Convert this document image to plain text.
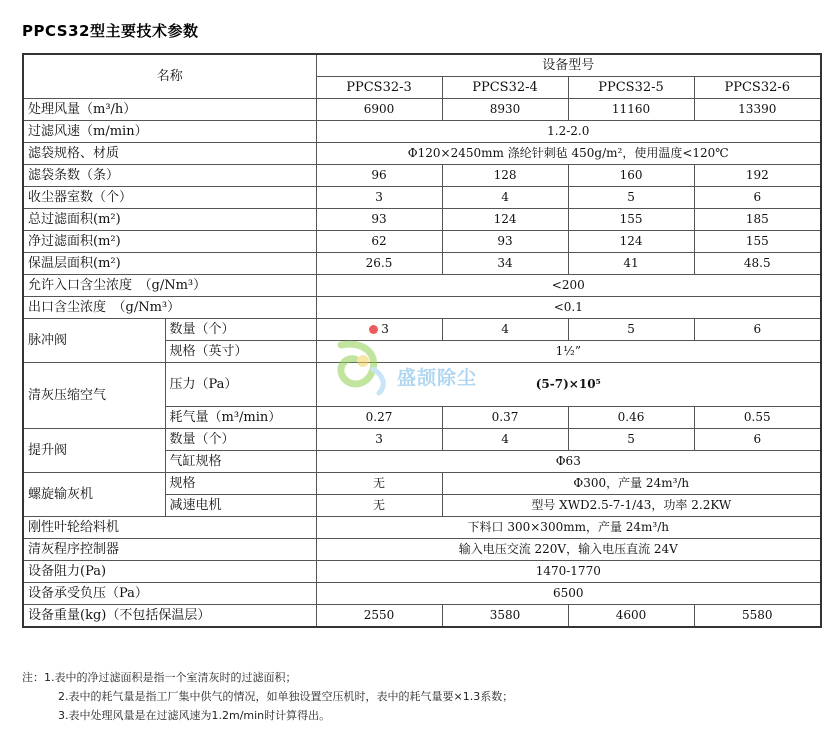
PPCS32型主要技术参数
名称		设备型号			
		PPCS32-3	PPCS32-4	PPCS32-5	PPCS32-6
处理风量（m³/h）		6900	8930	11160	13390
过滤风速（m/min）		1.2-2.0			
滤袋规格、材质		Φ120×2450mm 涤纶针刺毡 450g/m²，使用温度<120℃			
滤袋条数（条）		96	128	160	192
收尘器室数（个）		3	4	5	6
总过滤面积(m²)		93	124	155	185
净过滤面积(m²)		62	93	124	155
保温层面积(m²)		26.5	34	41	48.5
允许入口含尘浓度　（g/Nm³）		<200			
出口含尘浓度　（g/Nm³）		<0.1			
脉冲阀	数量（个）	3	4	5	6
	规格（英寸）	1½”			
清灰压缩空气	压力（Pa）	(5-7)×10⁵			
	耗气量（m³/min）	0.27	0.37	0.46	0.55
提升阀	数量（个）	3	4	5	6
	气缸规格	Φ63			
螺旋输灰机	规格	无	Φ300，产量 24m³/h		
	减速电机	无	型号 XWD2.5-7-1/43，功率 2.2KW		
刚性叶轮给料机		下料口 300×300mm，产量 24m³/h			
清灰程序控制器		输入电压交流 220V，输入电压直流 24V			
设备阻力(Pa)		1470-1770			
设备承受负压（Pa）		6500			
设备重量(kg)（不包括保温层）		2550	3580	4600	5580
盛颉除尘
注：1.表中的净过滤面积是指一个室清灰时的过滤面积；
2.表中的耗气量是指工厂集中供气的情况，如单独设置空压机时，表中的耗气量要×1.3系数；
3.表中处理风量是在过滤风速为1.2m/min时计算得出。
